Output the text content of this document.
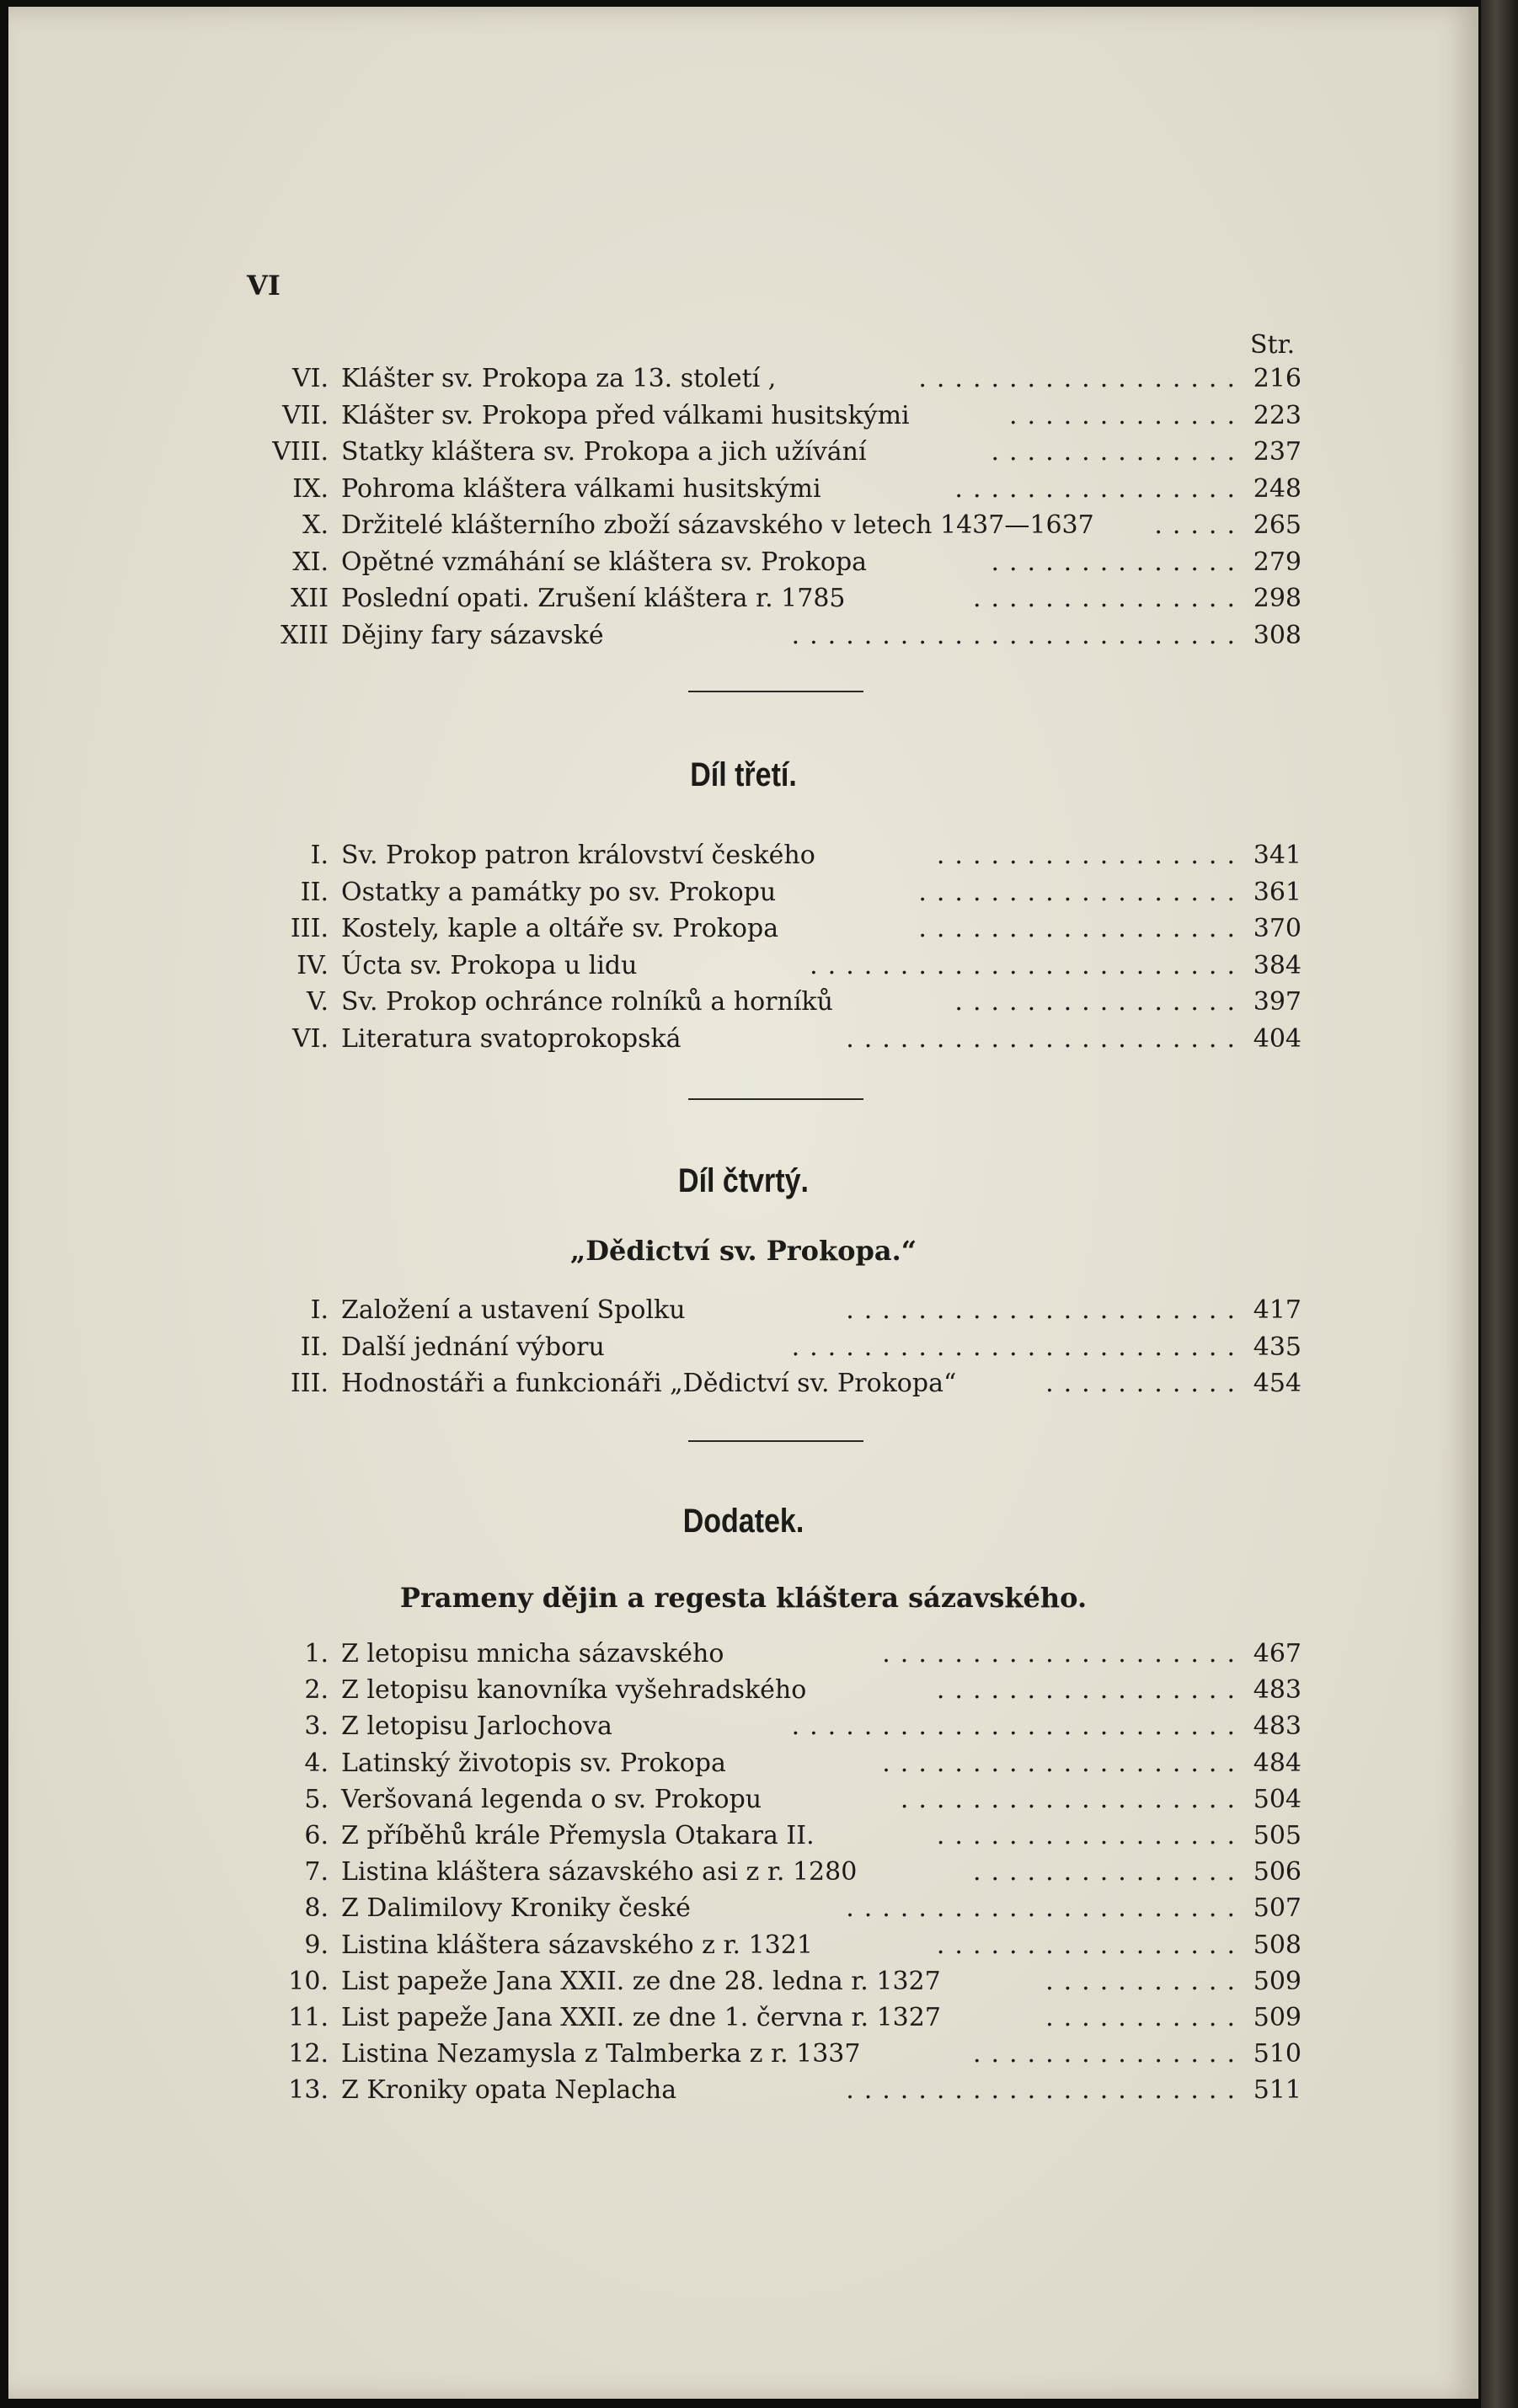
VI
Str.
VI. Klášter sv. Prokopa za 13. století ,	.................. 216
VII. Klášter sv. Prokopa před válkami husitskými	............. 223
VIII. Statky kláštera sv. Prokopa a jich užívání	.............. 237
IX. Pohroma kláštera válkami husitskými	................ 248
X. Držitelé klášterního zboží sázavského v letech 1437—1637 ..... 265
XI. Opětné vzmáhání se kláštera sv. Prokopa	.............. 279
XII Poslední opati. Zrušení kláštera r. 1785	............... 298
XIII Dějiny fary sázavské	......................... 308
Díl třetí.
I. Sv. Prokop patron království českého	................. 341
II. Ostatky a památky po sv. Prokopu	.................. 361
III. Kostely, kaple a oltáře sv. Prokopa	.................. 370
IV. Úcta sv. Prokopa u lidu	........................ 384
V. Sv. Prokop ochránce rolníků a horníků	................ 397
VI. Literatura svatoprokopská	...................... 404
Díl čtvrtý.
„Dědictví sv. Prokopa.“
I. Založení a ustavení Spolku	...................... 417
II. Další jednání výboru	......................... 435
III. Hodnostáři a funkcionáři „Dědictví sv. Prokopa“	........... 454
Dodatek.
Prameny dějin a regesta kláštera sázavského.
1. Z letopisu mnicha sázavského	.................... 467
2. Z letopisu kanovníka vyšehradského	................. 483
3. Z letopisu Jarlochova	......................... 483
4. Latinský životopis sv. Prokopa	.................... 484
5. Veršovaná legenda o sv. Prokopu	................... 504
6. Z příběhů krále Přemysla Otakara II.	................. 505
7. Listina kláštera sázavského asi z r. 1280	............... 506
8. Z Dalimilovy Kroniky české	...................... 507
9. Listina kláštera sázavského z r. 1321	................. 508
10. List papeže Jana XXII. ze dne 28. ledna r. 1327	........... 509
11. List papeže Jana XXII. ze dne 1. června r. 1327	........... 509
12. Listina Nezamysla z Talmberka z r. 1337	............... 510
13. Z Kroniky opata Neplacha	...................... 511
